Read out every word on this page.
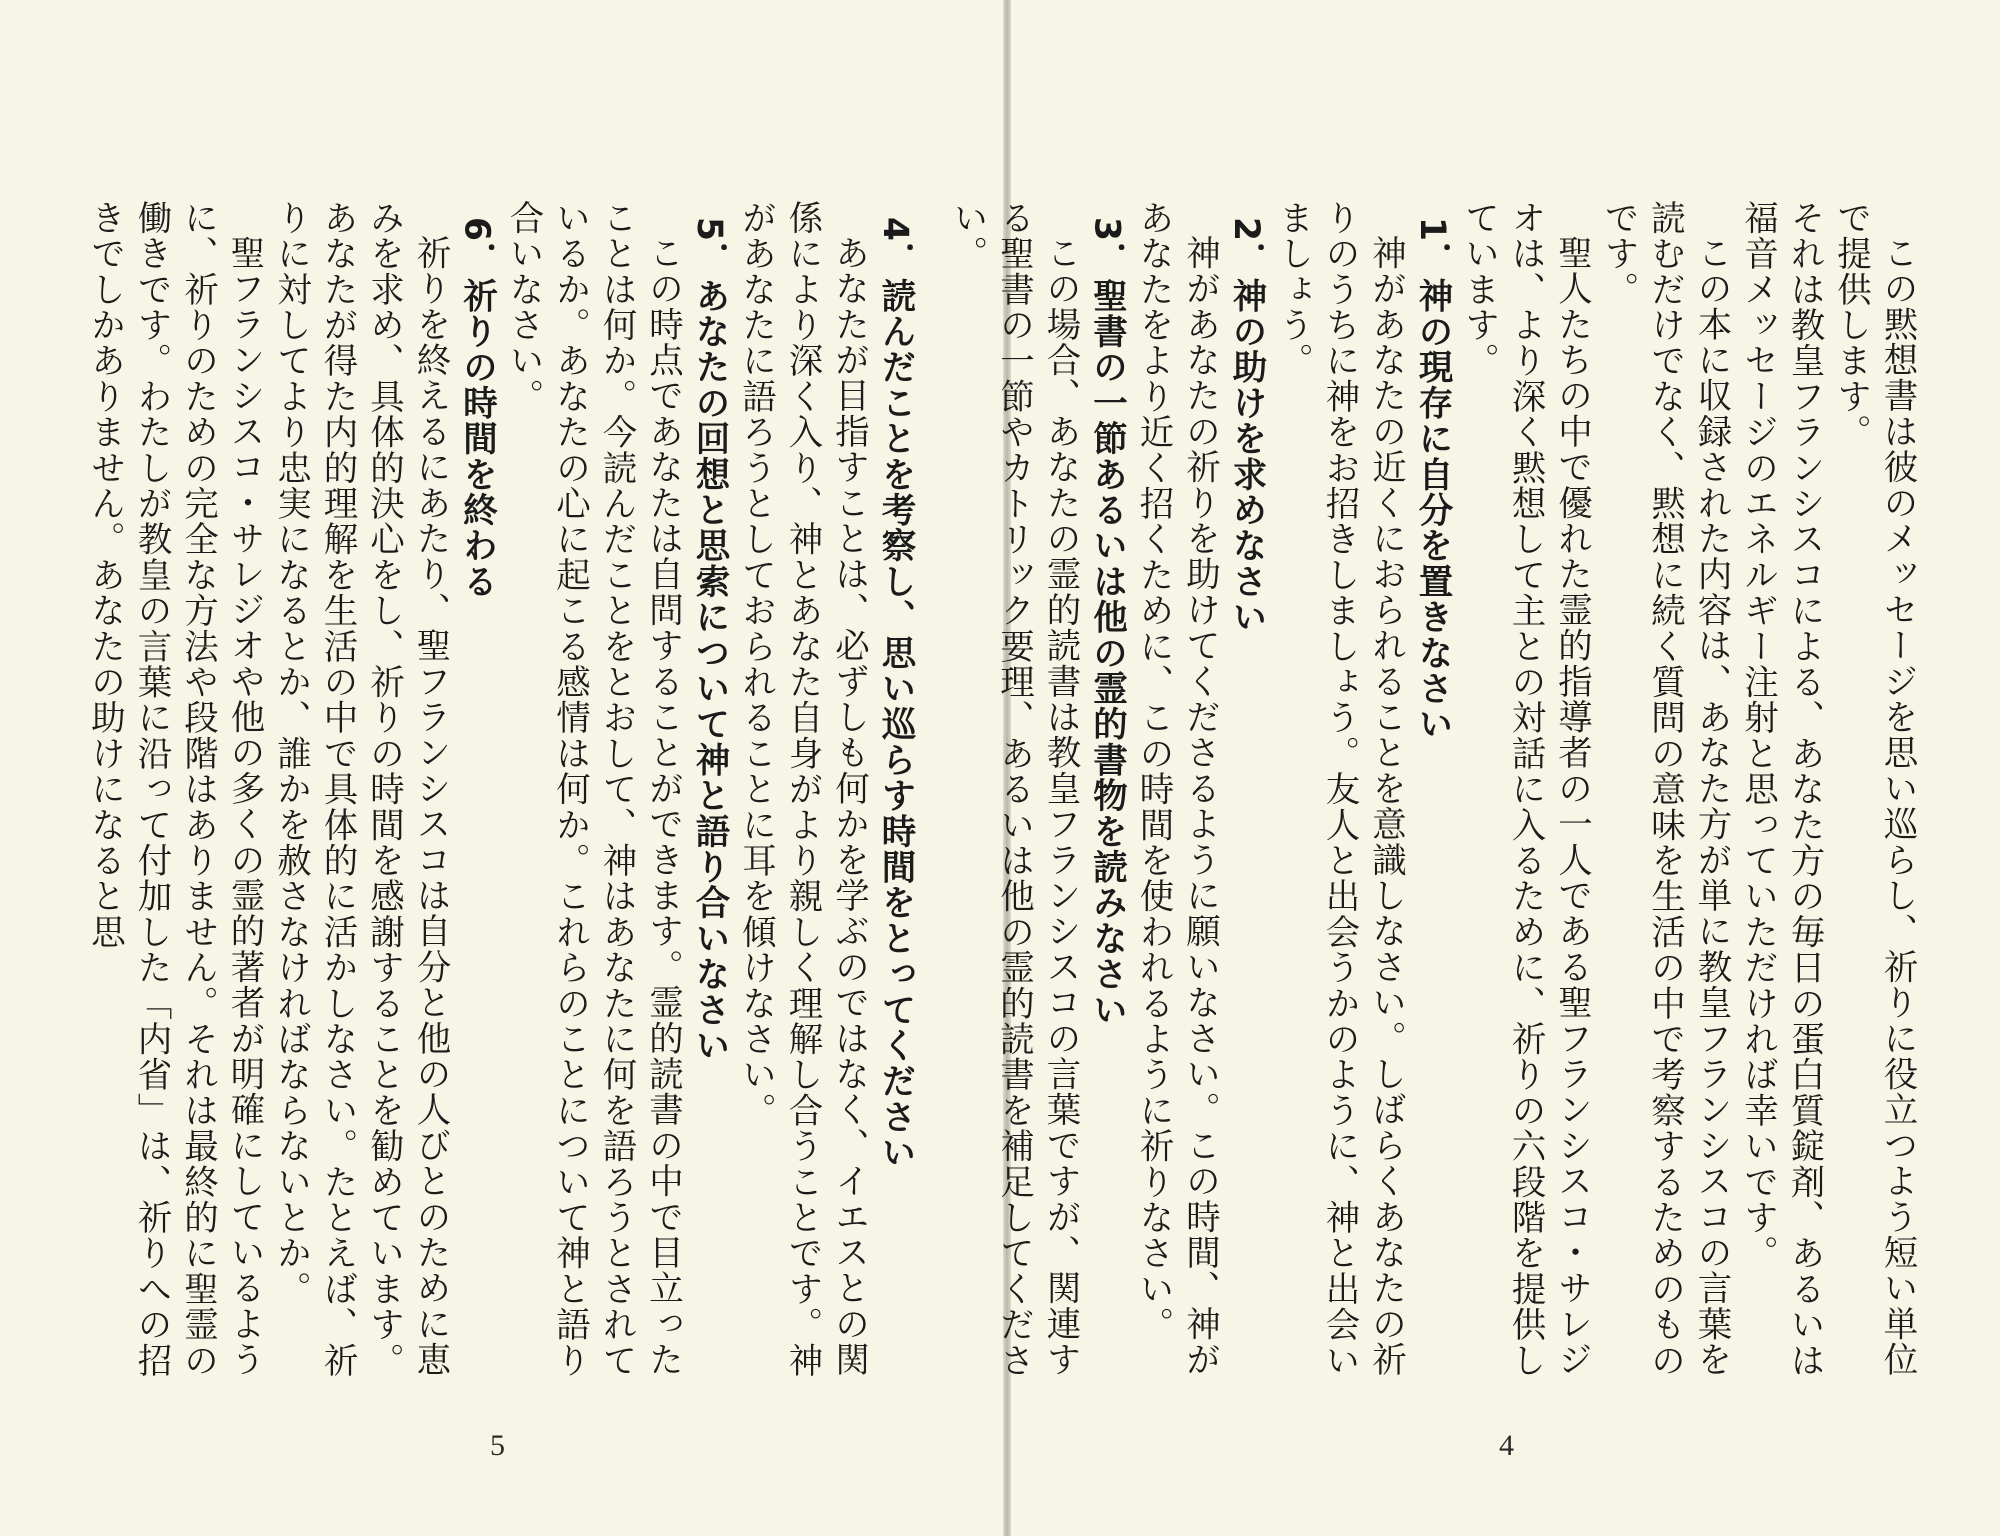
4．読んだことを考察し、思い巡らす時間をとってください

あなたが目指すことは、必ずしも何かを学ぶのではなく、イエスとの関係により深く入り、神とあなた自身がより親しく理解し合うことです。神があなたに語ろうとしておられることに耳を傾けなさい。

5．あなたの回想と思索について神と語り合いなさい

この時点であなたは自問することができます。霊的読書の中で目立ったことは何か。今読んだことをとおして、神はあなたに何を語ろうとされているか。あなたの心に起こる感情は何か。これらのことについて神と語り合いなさい。

6．祈りの時間を終わる

祈りを終えるにあたり、聖フランシスコは自分と他の人びとのために恵みを求め、具体的決心をし、祈りの時間を感謝することを勧めています。あなたが得た内的理解を生活の中で具体的に活かしなさい。たとえば、祈りに対してより忠実になるとか、誰かを赦さなければならないとか。

聖フランシスコ・サレジオや他の多くの霊的著者が明確にしているように、祈りのための完全な方法や段階はありません。それは最終的に聖霊の働きです。わたしが教皇の言葉に沿って付加した「内省」は、祈りへの招きでしかありません。あなたの助けになると思

5

この黙想書は彼のメッセージを思い巡らし、祈りに役立つよう短い単位で提供します。

それは教皇フランシスコによる、あなた方の毎日の蛋白質錠剤、あるいは福音メッセージのエネルギー注射と思っていただければ幸いです。

この本に収録された内容は、あなた方が単に教皇フランシスコの言葉を読むだけでなく、黙想に続く質問の意味を生活の中で考察するためのものです。

聖人たちの中で優れた霊的指導者の一人である聖フランシスコ・サレジオは、より深く黙想して主との対話に入るために、祈りの六段階を提供しています。

1．神の現存に自分を置きなさい

神があなたの近くにおられることを意識しなさい。しばらくあなたの祈りのうちに神をお招きしましょう。友人と出会うかのように、神と出会いましょう。

2．神の助けを求めなさい

神があなたの祈りを助けてくださるように願いなさい。この時間、神があなたをより近く招くために、この時間を使われるように祈りなさい。

3．聖書の一節あるいは他の霊的書物を読みなさい

この場合、あなたの霊的読書は教皇フランシスコの言葉ですが、関連する聖書の一節やカトリック要理、あるいは他の霊的読書を補足してください。

4
